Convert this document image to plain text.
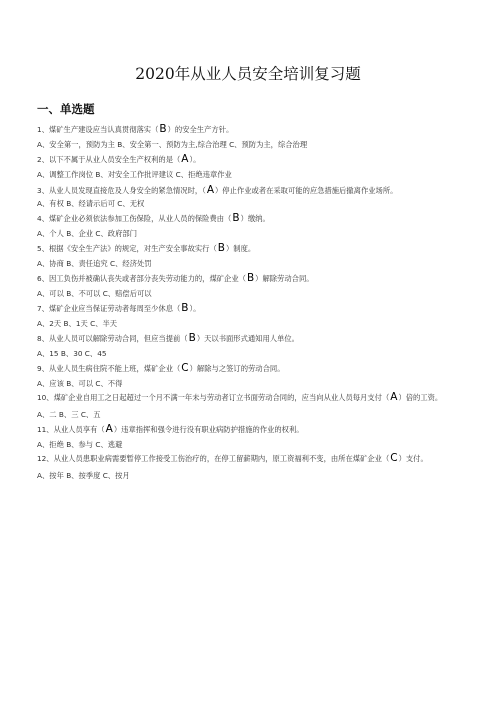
2020年从业人员安全培训复习题
一、单选题
1、煤矿生产建设应当认真贯彻落实（B）的安全生产方针。
A、安全第一，预防为主 B、安全第一、预防为主,综合治理 C、预防为主，综合治理
2、以下不属于从业人员安全生产权利的是（A）。
A、调整工作岗位 B、对安全工作批评建议 C、拒绝违章作业
3、从业人员发现直接危及人身安全的紧急情况时，（A）停止作业或者在采取可能的应急措施后撤离作业场所。
A、有权 B、经请示后可 C、无权
4、煤矿企业必须依法参加工伤保险，从业人员的保险费由（B）缴纳。
A、个人 B、企业 C、政府部门
5、根据《安全生产法》的规定，对生产安全事故实行（B）制度。
A、协商 B、责任追究 C、经济处罚
6、因工负伤并被确认丧失或者部分丧失劳动能力的，煤矿企业（B）解除劳动合同。
A、可以 B、不可以 C、赔偿后可以
7、煤矿企业应当保证劳动者每周至少休息（B）。
A、2天 B、1天 C、半天
8、从业人员可以解除劳动合同，但应当提前（B）天以书面形式通知用人单位。
A、15 B、30 C、45
9、从业人员生病住院不能上班，煤矿企业（C）解除与之签订的劳动合同。
A、应该 B、可以 C、不得
10、煤矿企业自用工之日起超过一个月不满一年未与劳动者订立书面劳动合同的，应当向从业人员每月支付（A）倍的工资。
A、二 B、三 C、五
11、从业人员享有（A）违章指挥和强令进行没有职业病防护措施的作业的权利。
A、拒绝 B、参与 C、逃避
12、从业人员患职业病需要暂停工作接受工伤治疗的，在停工留薪期内，原工资福利不变，由所在煤矿企业（C）支付。
A、按年 B、按季度 C、按月
